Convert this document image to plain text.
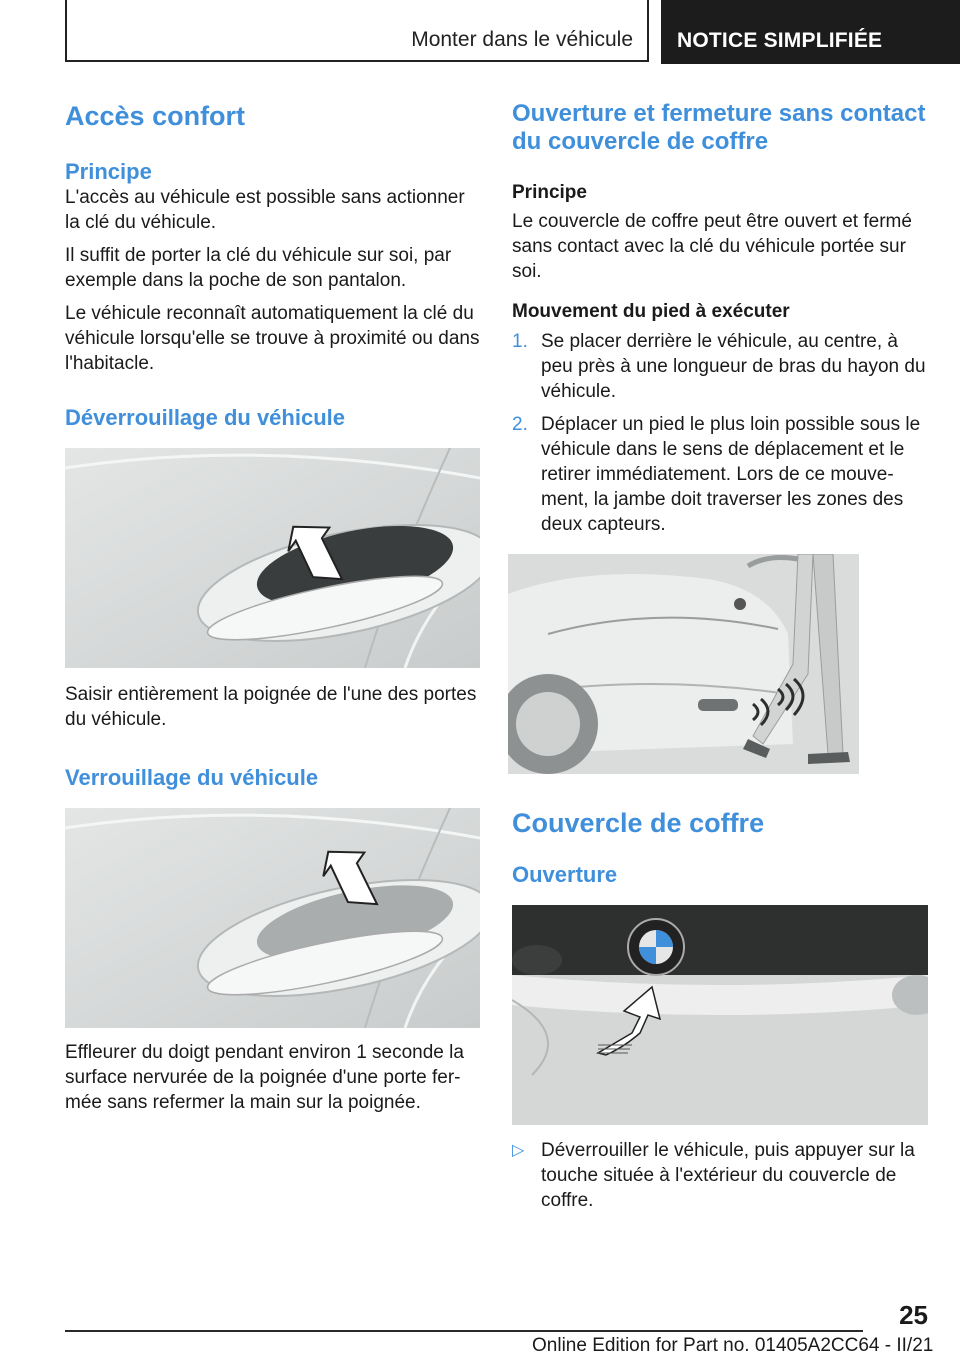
Monter dans le véhicule NOTICE SIMPLIFIÉE
Accès confort
Principe

L'accès au véhicule est possible sans actionner la clé du véhicule.

Il suffit de porter la clé du véhicule sur soi, par exemple dans la poche de son pantalon.

Le véhicule reconnaît automatiquement la clé du véhicule lorsqu'elle se trouve à proximité ou dans l'habitacle.

Déverrouillage du véhicule

Saisir entièrement la poignée de l'une des portes du véhicule.

Verrouillage du véhicule

Effleurer du doigt pendant environ 1 seconde la surface nervurée de la poignée d'une porte fermée sans refermer la main sur la poignée.

Ouverture et fermeture sans contact du couvercle de coffre
Principe

Le couvercle de coffre peut être ouvert et fermé sans contact avec la clé du véhicule portée sur soi.

Mouvement du pied à exécuter
1. Se placer derrière le véhicule, au centre, à peu près à une longueur de bras du hayon du véhicule.
2. Déplacer un pied le plus loin possible sous le véhicule dans le sens de déplacement et le retirer immédiatement. Lors de ce mouvement, la jambe doit traverser les zones des deux capteurs.
Couvercle de coffre
Ouverture
▷ Déverrouiller le véhicule, puis appuyer sur la touche située à l'extérieur du couvercle de coffre.
25
Online Edition for Part no. 01405A2CC64 - II/21
